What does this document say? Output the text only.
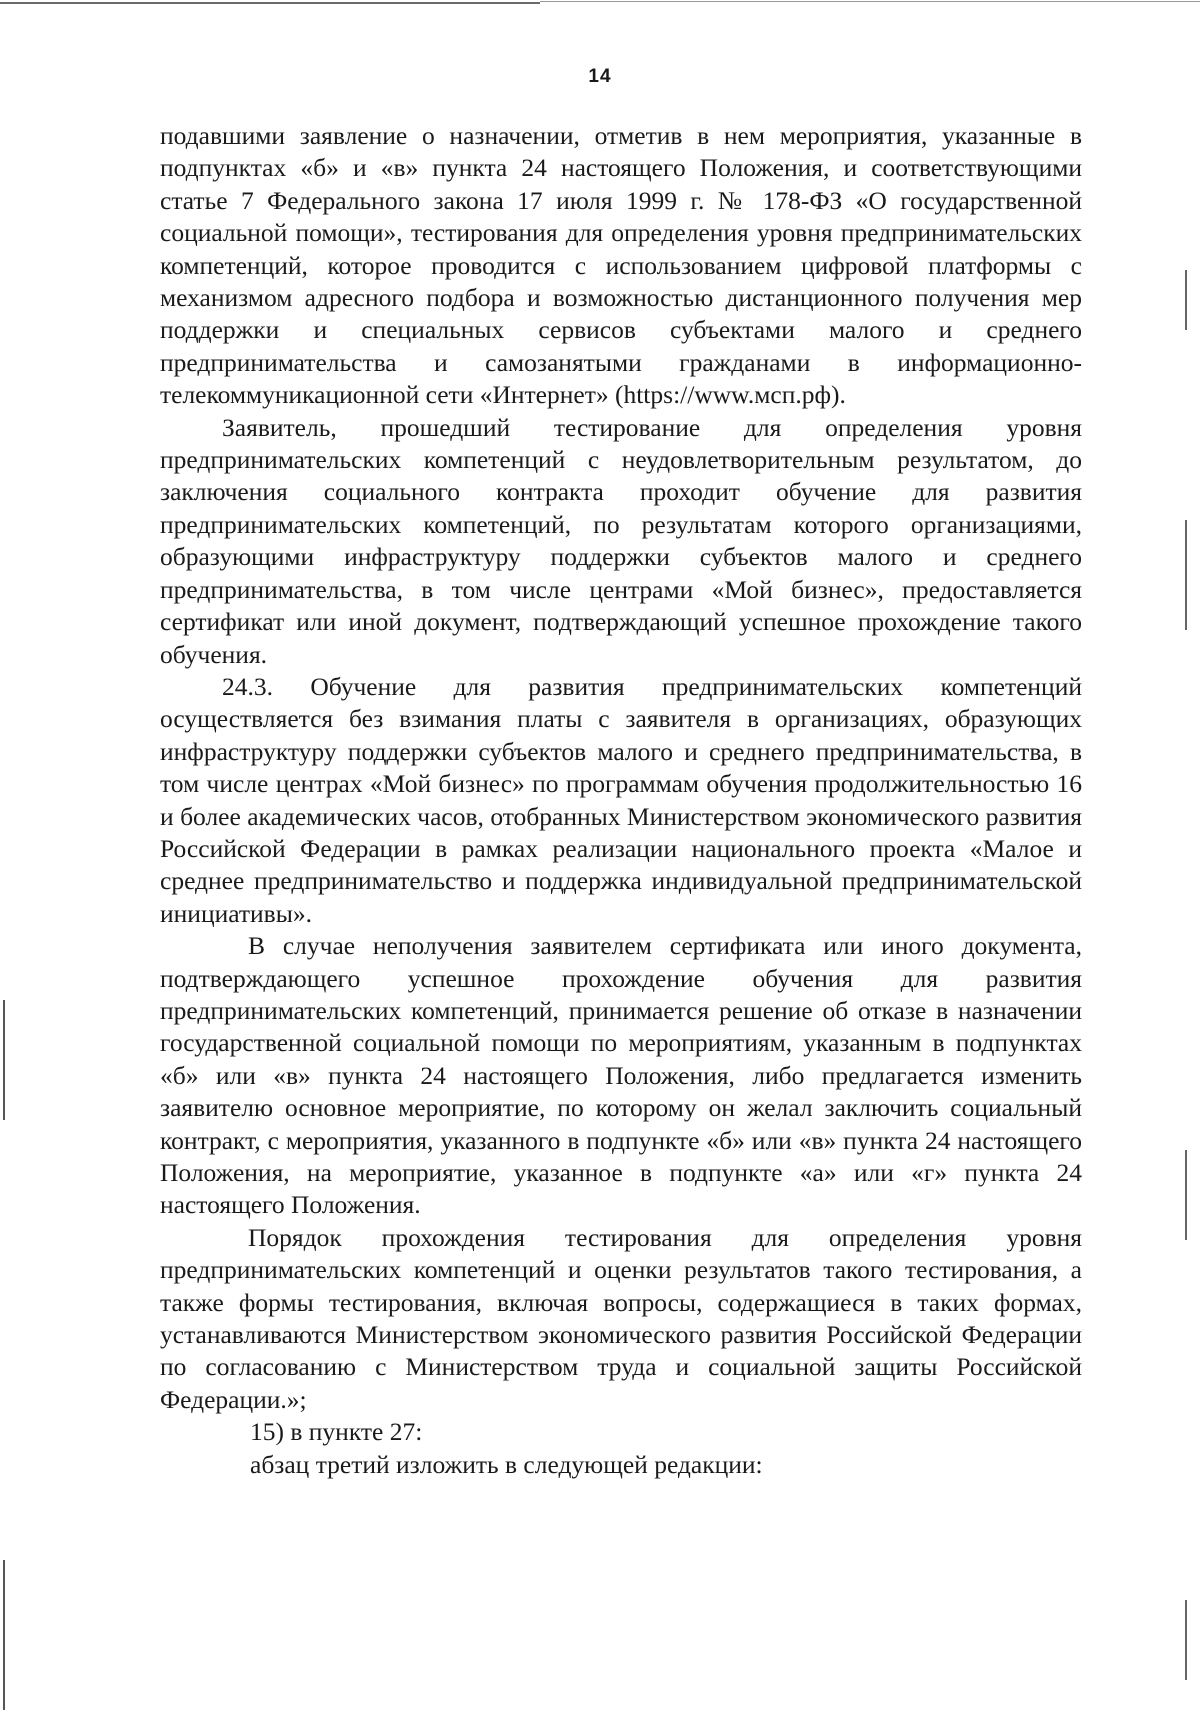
14

подавшими заявление о назначении, отметив в нем мероприятия, указанные в подпунктах «б» и «в» пункта 24 настоящего Положения, и соответствующими статье 7 Федерального закона 17 июля 1999 г. № 178-ФЗ «О государственной социальной помощи», тестирования для определения уровня предпринимательских компетенций, которое проводится с использованием цифровой платформы с механизмом адресного подбора и возможностью дистанционного получения мер поддержки и специальных сервисов субъектами малого и среднего предпринимательства и самозанятыми гражданами в информационно-телекоммуникационной сети «Интернет» (https://www.мсп.рф).

Заявитель, прошедший тестирование для определения уровня предпринимательских компетенций с неудовлетворительным результатом, до заключения социального контракта проходит обучение для развития предпринимательских компетенций, по результатам которого организациями, образующими инфраструктуру поддержки субъектов малого и среднего предпринимательства, в том числе центрами «Мой бизнес», предоставляется сертификат или иной документ, подтверждающий успешное прохождение такого обучения.

24.3. Обучение для развития предпринимательских компетенций осуществляется без взимания платы с заявителя в организациях, образующих инфраструктуру поддержки субъектов малого и среднего предпринимательства, в том числе центрах «Мой бизнес» по программам обучения продолжительностью 16 и более академических часов, отобранных Министерством экономического развития Российской Федерации в рамках реализации национального проекта «Малое и среднее предпринимательство и поддержка индивидуальной предпринимательской инициативы».

В случае неполучения заявителем сертификата или иного документа, подтверждающего успешное прохождение обучения для развития предпринимательских компетенций, принимается решение об отказе в назначении государственной социальной помощи по мероприятиям, указанным в подпунктах «б» или «в» пункта 24 настоящего Положения, либо предлагается изменить заявителю основное мероприятие, по которому он желал заключить социальный контракт, с мероприятия, указанного в подпункте «б» или «в» пункта 24 настоящего Положения, на мероприятие, указанное в подпункте «а» или «г» пункта 24 настоящего Положения.

Порядок прохождения тестирования для определения уровня предпринимательских компетенций и оценки результатов такого тестирования, а также формы тестирования, включая вопросы, содержащиеся в таких формах, устанавливаются Министерством экономического развития Российской Федерации по согласованию с Министерством труда и социальной защиты Российской Федерации.»;

15) в пункте 27:

абзац третий изложить в следующей редакции:
